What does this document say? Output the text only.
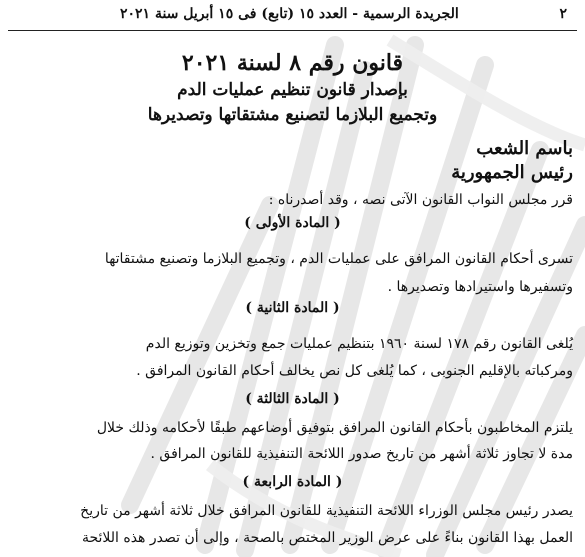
٢
الجريدة الرسمية - العدد ١٥ (تابع) فى ١٥ أبريل سنة ٢٠٢١
قانون رقم ٨ لسنة ٢٠٢١
بإصدار قانون تنظيم عمليات الدم
وتجميع البلازما لتصنيع مشتقاتها وتصديرها
باسم الشعب
رئيس الجمهورية
قرر مجلس النواب القانون الآتى نصه ، وقد أصدرناه :
( المادة الأولى )
تسرى أحكام القانون المرافق على عمليات الدم ، وتجميع البلازما وتصنيع مشتقاتها
وتسفيرها واستيرادها وتصديرها .
( المادة الثانية )
يُلغى القانون رقم ١٧٨ لسنة ١٩٦٠ بتنظيم عمليات جمع وتخزين وتوزيع الدم
ومركباته بالإقليم الجنوبى ، كما يُلغى كل نص يخالف أحكام القانون المرافق .
( المادة الثالثة )
يلتزم المخاطبون بأحكام القانون المرافق بتوفيق أوضاعهم طبقًا لأحكامه وذلك خلال
مدة لا تجاوز ثلاثة أشهر من تاريخ صدور اللائحة التنفيذية للقانون المرافق .
( المادة الرابعة )
يصدر رئيس مجلس الوزراء اللائحة التنفيذية للقانون المرافق خلال ثلاثة أشهر من تاريخ
العمل بهذا القانون بناءً على عرض الوزير المختص بالصحة ، وإلى أن تصدر هذه اللائحة
